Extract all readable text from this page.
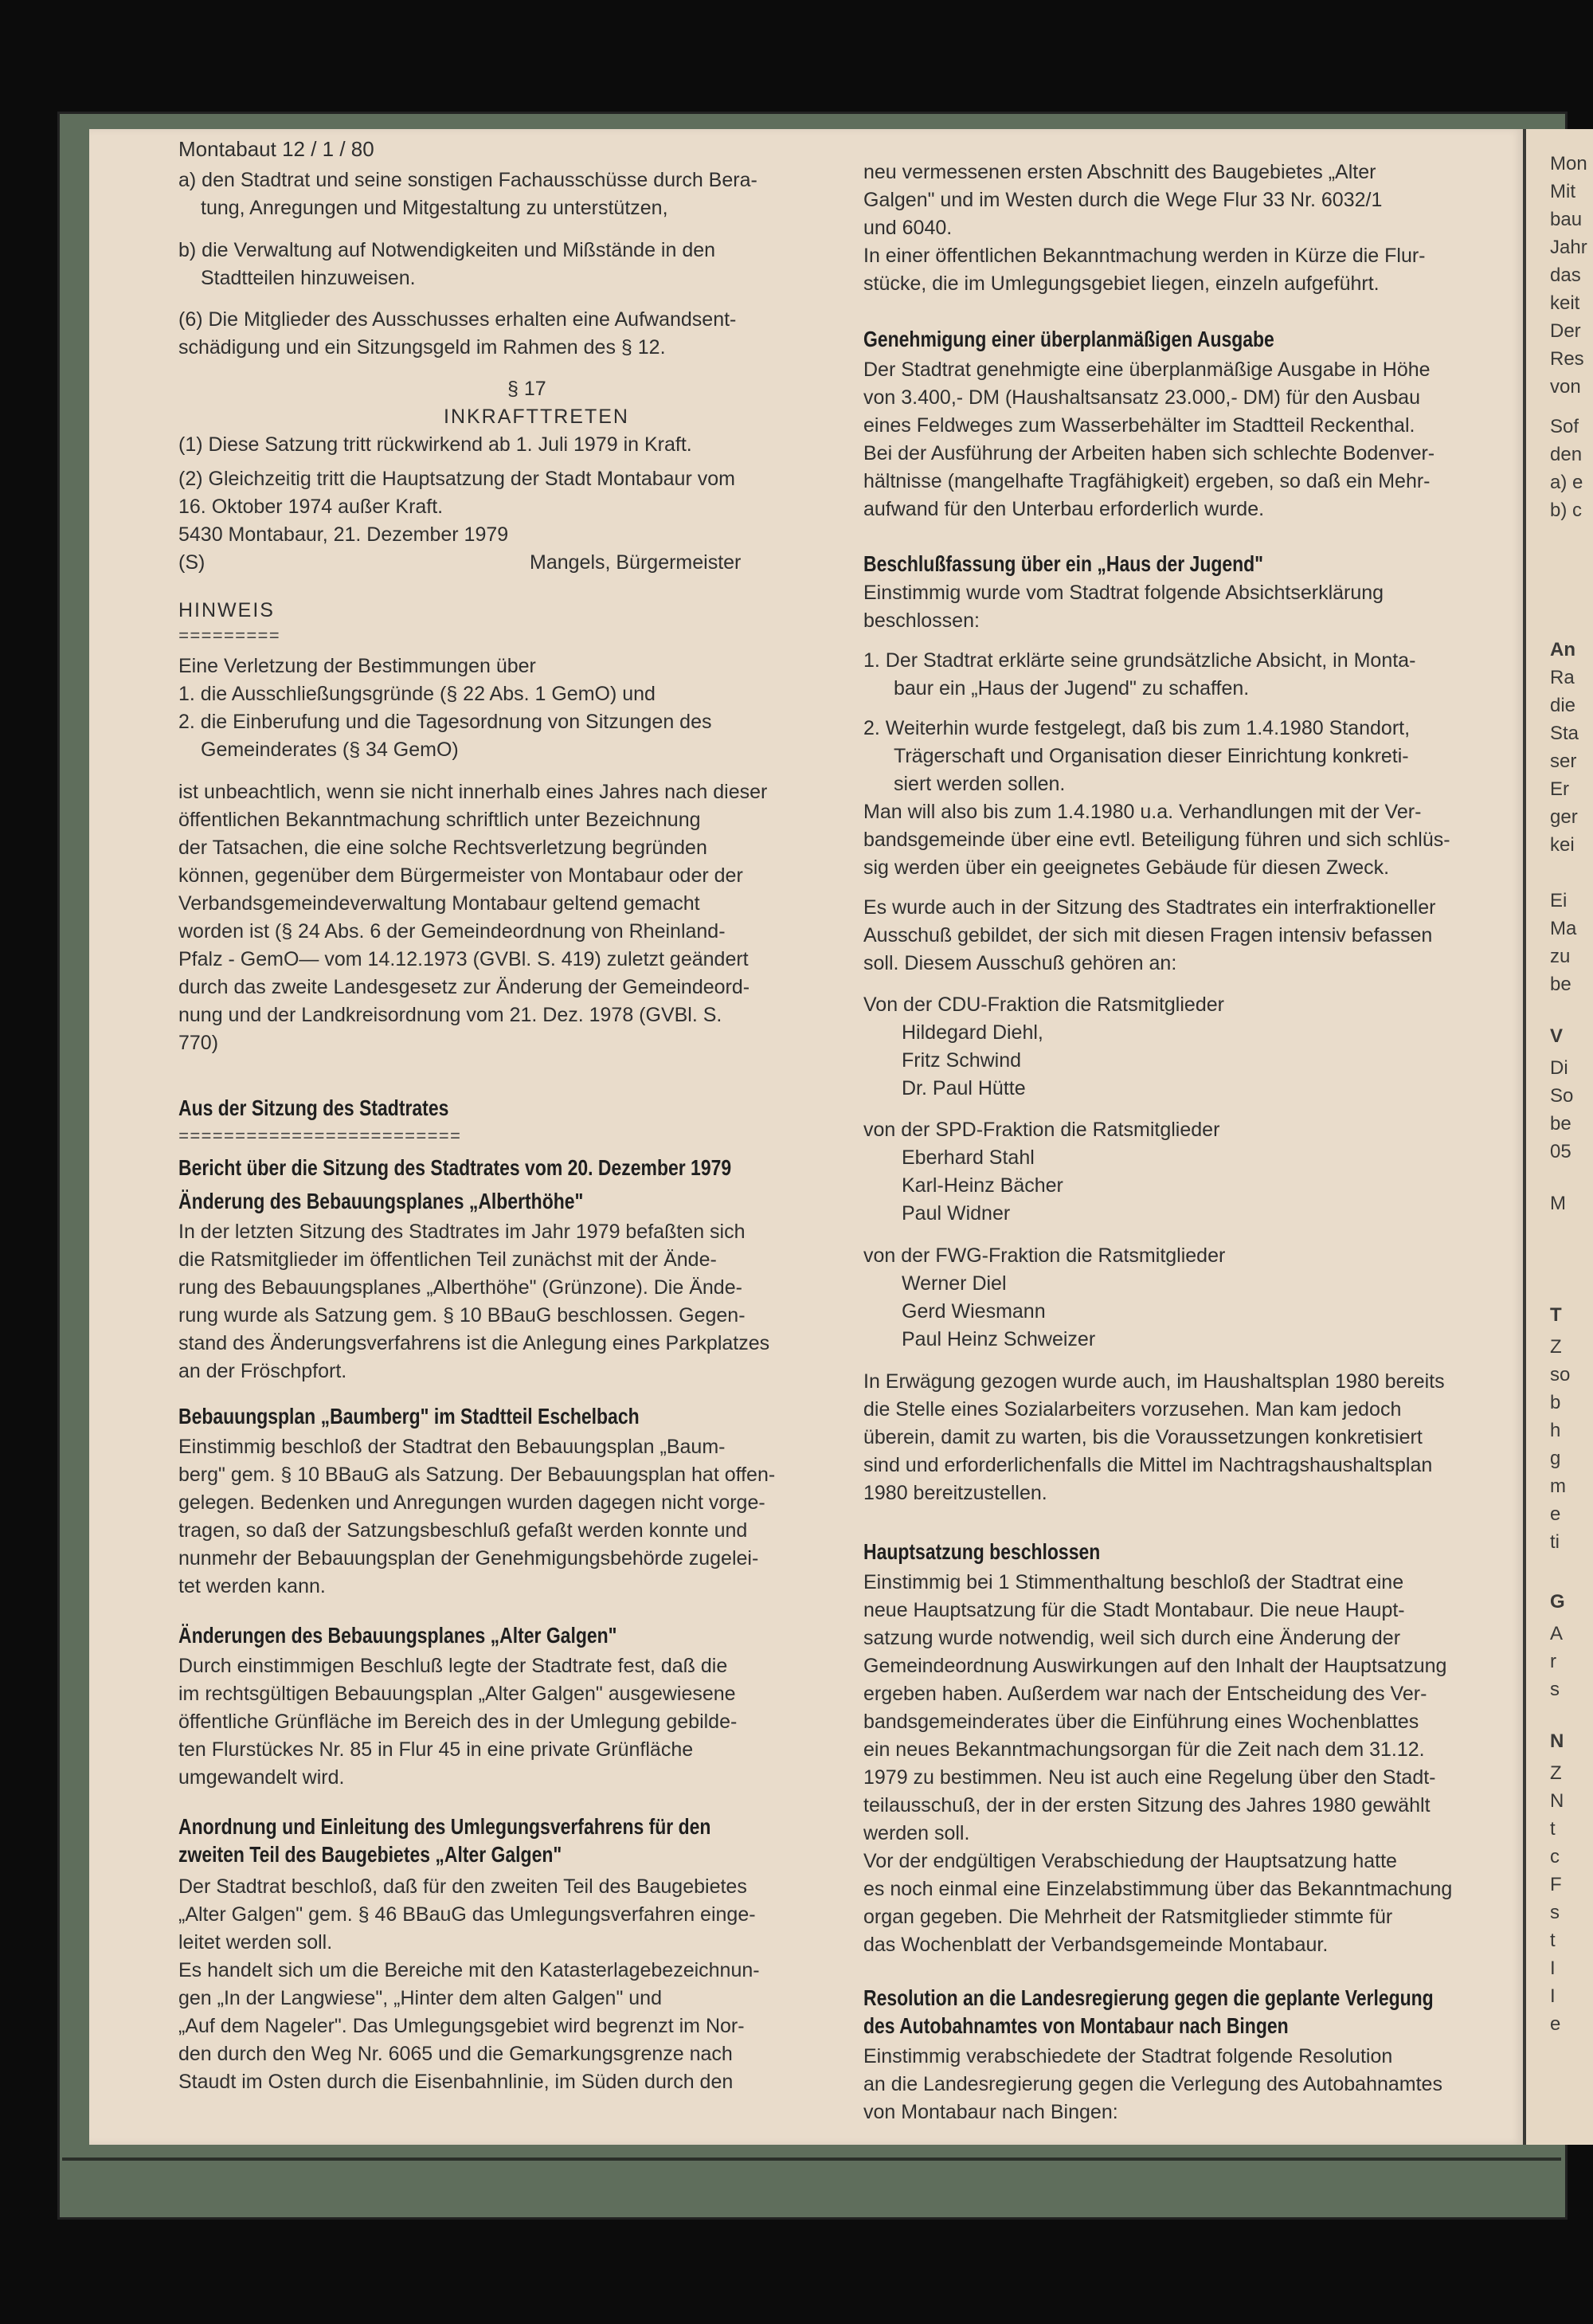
Montabaut 12 / 1 / 80
a) den Stadtrat und seine sonstigen Fachausschüsse durch Bera-
tung, Anregungen und Mitgestaltung zu unterstützen,
b) die Verwaltung auf Notwendigkeiten und Mißstände in den
Stadtteilen hinzuweisen.
(6) Die Mitglieder des Ausschusses erhalten eine Aufwandsent-
schädigung und ein Sitzungsgeld im Rahmen des § 12.
§ 17
INKRAFTTRETEN
(1) Diese Satzung tritt rückwirkend ab 1. Juli 1979 in Kraft.
(2) Gleichzeitig tritt die Hauptsatzung der Stadt Montabaur vom
16. Oktober 1974 außer Kraft.
5430 Montabaur, 21. Dezember 1979
(S)	Mangels, Bürgermeister
HINWEIS
=========
Eine Verletzung der Bestimmungen über
1. die Ausschließungsgründe (§ 22 Abs. 1 GemO) und
2. die Einberufung und die Tagesordnung von Sitzungen des
Gemeinderates (§ 34 GemO)
ist unbeachtlich, wenn sie nicht innerhalb eines Jahres nach dieser
öffentlichen Bekanntmachung schriftlich unter Bezeichnung
der Tatsachen, die eine solche Rechtsverletzung begründen
können, gegenüber dem Bürgermeister von Montabaur oder der
Verbandsgemeindeverwaltung Montabaur geltend gemacht
worden ist (§ 24 Abs. 6 der Gemeindeordnung von Rheinland-
Pfalz - GemO— vom 14.12.1973 (GVBl. S. 419) zuletzt geändert
durch das zweite Landesgesetz zur Änderung der Gemeindeord-
nung und der Landkreisordnung vom 21. Dez. 1978 (GVBl. S.
770)
Aus der Sitzung des Stadtrates
=========================
Bericht über die Sitzung des Stadtrates vom 20. Dezember 1979
Änderung des Bebauungsplanes „Alberthöhe"
In der letzten Sitzung des Stadtrates im Jahr 1979 befaßten sich
die Ratsmitglieder im öffentlichen Teil zunächst mit der Ände-
rung des Bebauungsplanes „Alberthöhe" (Grünzone). Die Ände-
rung wurde als Satzung gem. § 10 BBauG beschlossen. Gegen-
stand des Änderungsverfahrens ist die Anlegung eines Parkplatzes
an der Fröschpfort.
Bebauungsplan „Baumberg" im Stadtteil Eschelbach
Einstimmig beschloß der Stadtrat den Bebauungsplan „Baum-
berg" gem. § 10 BBauG als Satzung. Der Bebauungsplan hat offen-
gelegen. Bedenken und Anregungen wurden dagegen nicht vorge-
tragen, so daß der Satzungsbeschluß gefaßt werden konnte und
nunmehr der Bebauungsplan der Genehmigungsbehörde zugelei-
tet werden kann.
Änderungen des Bebauungsplanes „Alter Galgen"
Durch einstimmigen Beschluß legte der Stadtrate fest, daß die
im rechtsgültigen Bebauungsplan „Alter Galgen" ausgewiesene
öffentliche Grünfläche im Bereich des in der Umlegung gebilde-
ten Flurstückes Nr. 85 in Flur 45 in eine private Grünfläche
umgewandelt wird.
Anordnung und Einleitung des Umlegungsverfahrens für den
zweiten Teil des Baugebietes „Alter Galgen"
Der Stadtrat beschloß, daß für den zweiten Teil des Baugebietes
„Alter Galgen" gem. § 46 BBauG das Umlegungsverfahren einge-
leitet werden soll.
Es handelt sich um die Bereiche mit den Katasterlagebezeichnun-
gen „In der Langwiese", „Hinter dem alten Galgen" und
„Auf dem Nageler". Das Umlegungsgebiet wird begrenzt im Nor-
den durch den Weg Nr. 6065 und die Gemarkungsgrenze nach
Staudt im Osten durch die Eisenbahnlinie, im Süden durch den
neu vermessenen ersten Abschnitt des Baugebietes „Alter
Galgen" und im Westen durch die Wege Flur 33 Nr. 6032/1
und 6040.
In einer öffentlichen Bekanntmachung werden in Kürze die Flur-
stücke, die im Umlegungsgebiet liegen, einzeln aufgeführt.
Genehmigung einer überplanmäßigen Ausgabe
Der Stadtrat genehmigte eine überplanmäßige Ausgabe in Höhe
von 3.400,- DM (Haushaltsansatz 23.000,- DM) für den Ausbau
eines Feldweges zum Wasserbehälter im Stadtteil Reckenthal.
Bei der Ausführung der Arbeiten haben sich schlechte Bodenver-
hältnisse (mangelhafte Tragfähigkeit) ergeben, so daß ein Mehr-
aufwand für den Unterbau erforderlich wurde.
Beschlußfassung über ein „Haus der Jugend"
Einstimmig wurde vom Stadtrat folgende Absichtserklärung
beschlossen:
1. Der Stadtrat erklärte seine grundsätzliche Absicht, in Monta-
baur ein „Haus der Jugend" zu schaffen.
2. Weiterhin wurde festgelegt, daß bis zum 1.4.1980 Standort,
Trägerschaft und Organisation dieser Einrichtung konkreti-
siert werden sollen.
Man will also bis zum 1.4.1980 u.a. Verhandlungen mit der Ver-
bandsgemeinde über eine evtl. Beteiligung führen und sich schlüs-
sig werden über ein geeignetes Gebäude für diesen Zweck.
Es wurde auch in der Sitzung des Stadtrates ein interfraktioneller
Ausschuß gebildet, der sich mit diesen Fragen intensiv befassen
soll. Diesem Ausschuß gehören an:
Von der CDU-Fraktion die Ratsmitglieder
Hildegard Diehl,
Fritz Schwind
Dr. Paul Hütte
von der SPD-Fraktion die Ratsmitglieder
Eberhard Stahl
Karl-Heinz Bächer
Paul Widner
von der FWG-Fraktion die Ratsmitglieder
Werner Diel
Gerd Wiesmann
Paul Heinz Schweizer
In Erwägung gezogen wurde auch, im Haushaltsplan 1980 bereits
die Stelle eines Sozialarbeiters vorzusehen. Man kam jedoch
überein, damit zu warten, bis die Voraussetzungen konkretisiert
sind und erforderlichenfalls die Mittel im Nachtragshaushaltsplan
1980 bereitzustellen.
Hauptsatzung beschlossen
Einstimmig bei 1 Stimmenthaltung beschloß der Stadtrat eine
neue Hauptsatzung für die Stadt Montabaur. Die neue Haupt-
satzung wurde notwendig, weil sich durch eine Änderung der
Gemeindeordnung Auswirkungen auf den Inhalt der Hauptsatzung
ergeben haben. Außerdem war nach der Entscheidung des Ver-
bandsgemeinderates über die Einführung eines Wochenblattes
ein neues Bekanntmachungsorgan für die Zeit nach dem 31.12.
1979 zu bestimmen. Neu ist auch eine Regelung über den Stadt-
teilausschuß, der in der ersten Sitzung des Jahres 1980 gewählt
werden soll.
Vor der endgültigen Verabschiedung der Hauptsatzung hatte
es noch einmal eine Einzelabstimmung über das Bekanntmachung
organ gegeben. Die Mehrheit der Ratsmitglieder stimmte für
das Wochenblatt der Verbandsgemeinde Montabaur.
Resolution an die Landesregierung gegen die geplante Verlegung
des Autobahnamtes von Montabaur nach Bingen
Einstimmig verabschiedete der Stadtrat folgende Resolution
an die Landesregierung gegen die Verlegung des Autobahnamtes
von Montabaur nach Bingen:
Mon
Mit
bau
Jahr
das
keit
Der
Res
von
Sof
den
a) e
b) c
An
Ra
die
Sta
ser
Er
ger
kei
Ei
Ma
zu
be
V
Di
So
be
05
M
T
Z
so
b
h
g
m
e
ti
G
A
r
s
N
Z
N
t
c
F
s
t
I
I
e
